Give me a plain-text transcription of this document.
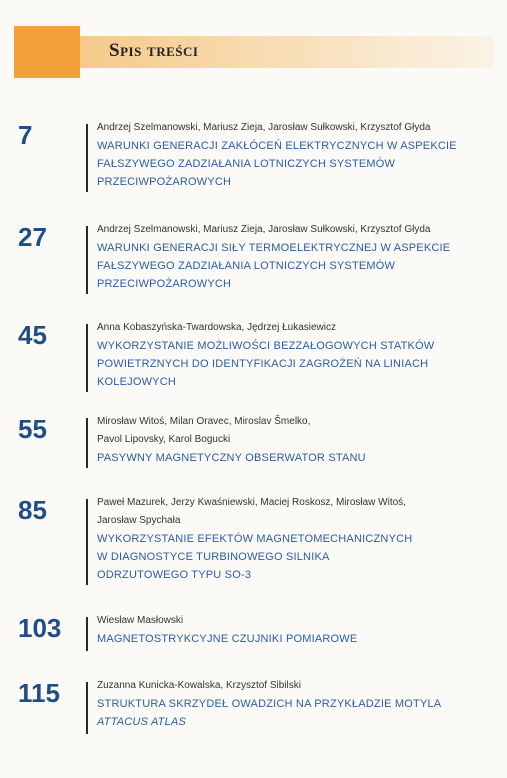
Spis treści
7	Andrzej Szelmanowski, Mariusz Zieja, Jarosław Sułkowski, Krzysztof Głyda
WARUNKI GENERACJI ZAKŁÓCEŃ ELEKTRYCZNYCH W ASPEKCIE
FAŁSZYWEGO ZADZIAŁANIA LOTNICZYCH SYSTEMÓW
PRZECIWPOŻAROWYCH
27	Andrzej Szelmanowski, Mariusz Zieja, Jarosław Sułkowski, Krzysztof Głyda
WARUNKI GENERACJI SIŁY TERMOELEKTRYCZNEJ W ASPEKCIE
FAŁSZYWEGO ZADZIAŁANIA LOTNICZYCH SYSTEMÓW
PRZECIWPOŻAROWYCH
45	Anna Kobaszyńska-Twardowska, Jędrzej Łukasiewicz
WYKORZYSTANIE MOŻLIWOŚCI BEZZAŁOGOWYCH STATKÓW
POWIETRZNYCH DO IDENTYFIKACJI ZAGROŻEŃ NA LINIACH
KOLEJOWYCH
55	Mirosław Witoś, Milan Oravec, Miroslav Šmelko,
Pavol Lipovsky, Karol Bogucki
PASYWNY MAGNETYCZNY OBSERWATOR STANU
85	Paweł Mazurek, Jerzy Kwaśniewski, Maciej Roskosz, Mirosław Witoś,
Jarosław Spychała
WYKORZYSTANIE EFEKTÓW MAGNETOMECHANICZNYCH
W DIAGNOSTYCE TURBINOWEGO SILNIKA
ODRZUTOWEGO TYPU SO-3
103	Wiesław Masłowski
MAGNETOSTRYKCYJNE CZUJNIKI POMIAROWE
115	Zuzanna Kunicka-Kowalska, Krzysztof Sibilski
STRUKTURA SKRZYDEŁ OWADZICH NA PRZYKŁADZIE MOTYLA
ATTACUS ATLAS
